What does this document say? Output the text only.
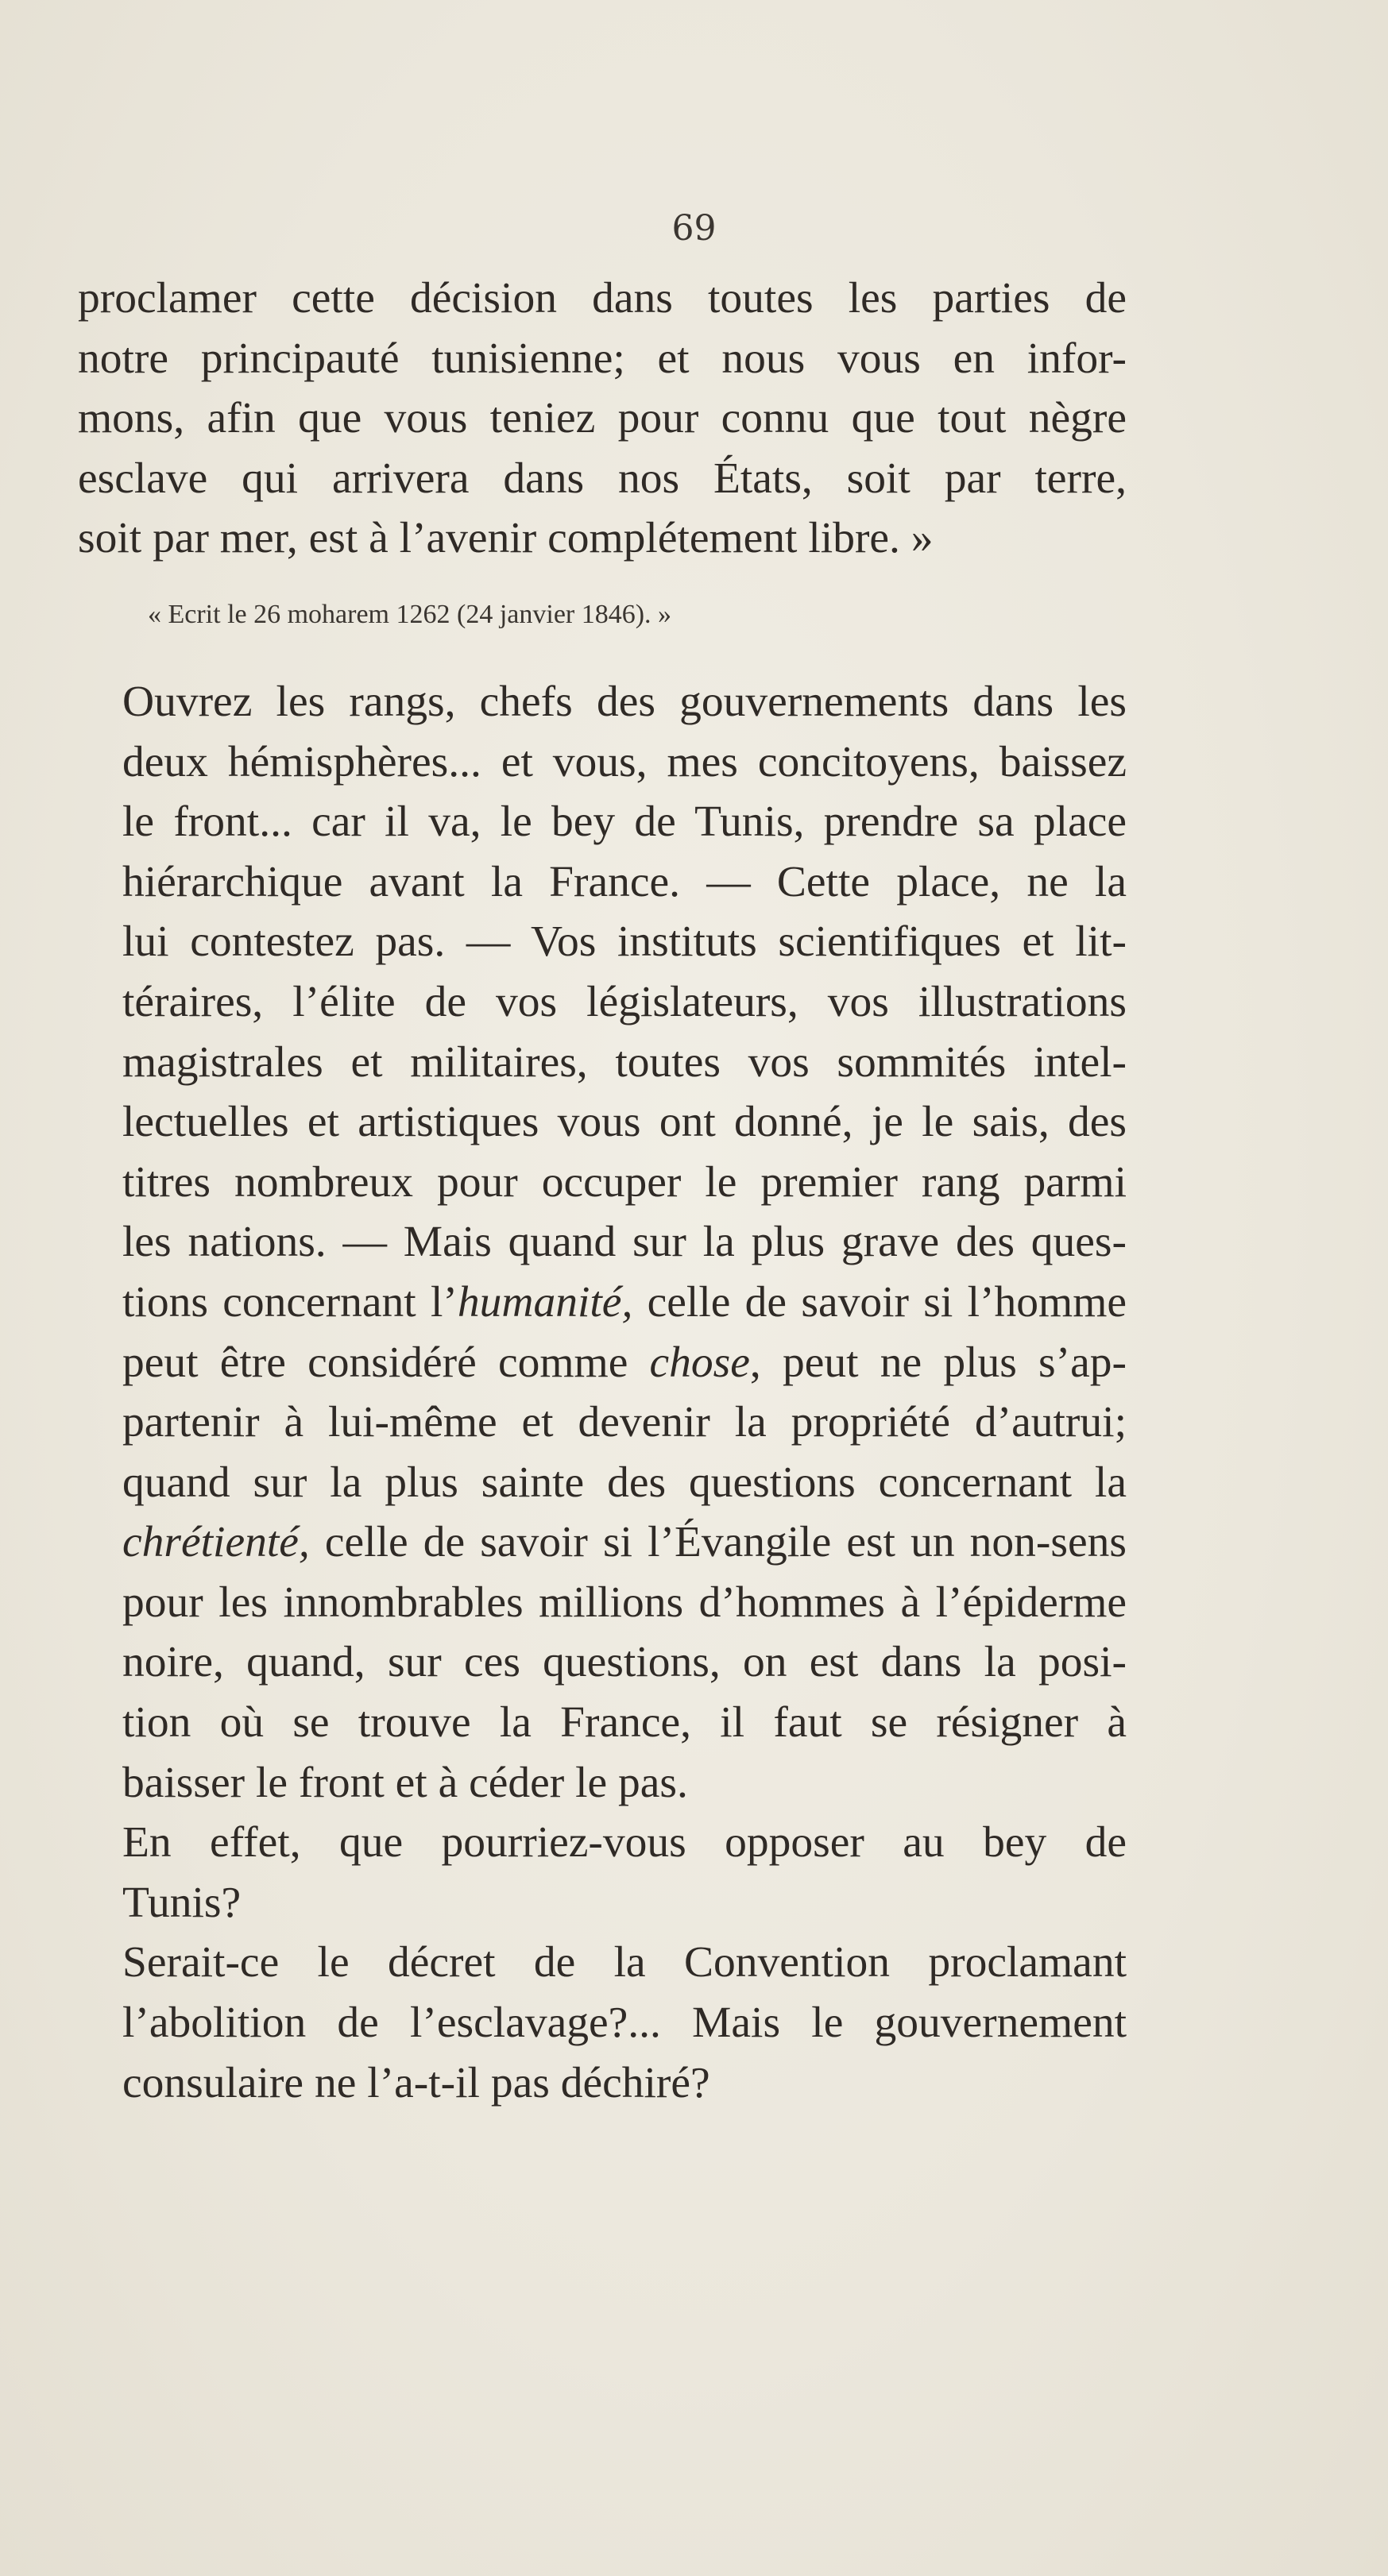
69

proclamer cette décision dans toutes les parties de
notre principauté tunisienne; et nous vous en infor-
mons, afin que vous teniez pour connu que tout nègre
esclave qui arrivera dans nos États, soit par terre,
soit par mer, est à l’avenir complétement libre. »

« Ecrit le 26 moharem 1262 (24 janvier 1846). »

Ouvrez les rangs, chefs des gouvernements dans les
deux hémisphères... et vous, mes concitoyens, baissez
le front... car il va, le bey de Tunis, prendre sa place
hiérarchique avant la France. — Cette place, ne la
lui contestez pas. — Vos instituts scientifiques et lit-
téraires, l’élite de vos législateurs, vos illustrations
magistrales et militaires, toutes vos sommités intel-
lectuelles et artistiques vous ont donné, je le sais, des
titres nombreux pour occuper le premier rang parmi
les nations. — Mais quand sur la plus grave des ques-
tions concernant l’humanité, celle de savoir si l’homme
peut être considéré comme chose, peut ne plus s’ap-
partenir à lui-même et devenir la propriété d’autrui;
quand sur la plus sainte des questions concernant la
chrétienté, celle de savoir si l’Évangile est un non-sens
pour les innombrables millions d’hommes à l’épiderme
noire, quand, sur ces questions, on est dans la posi-
tion où se trouve la France, il faut se résigner à
baisser le front et à céder le pas.

En effet, que pourriez-vous opposer au bey de
Tunis?

Serait-ce le décret de la Convention proclamant
l’abolition de l’esclavage?... Mais le gouvernement
consulaire ne l’a-t-il pas déchiré?
